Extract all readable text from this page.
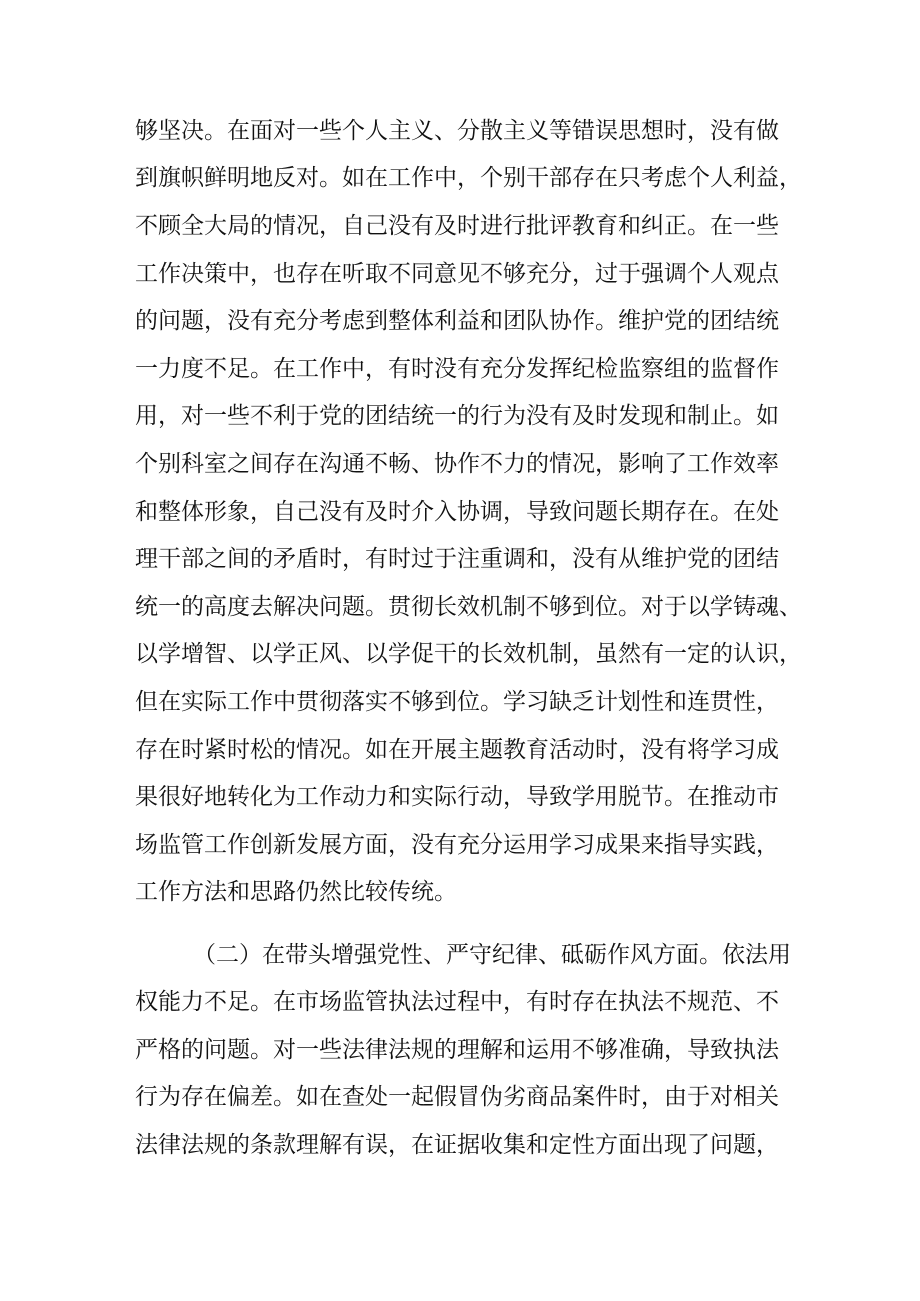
够坚决。在面对一些个人主义、分散主义等错误思想时，没有做
到旗帜鲜明地反对。如在工作中，个别干部存在只考虑个人利益，
不顾全大局的情况，自己没有及时进行批评教育和纠正。在一些
工作决策中，也存在听取不同意见不够充分，过于强调个人观点
的问题，没有充分考虑到整体利益和团队协作。维护党的团结统
一力度不足。在工作中，有时没有充分发挥纪检监察组的监督作
用，对一些不利于党的团结统一的行为没有及时发现和制止。如
个别科室之间存在沟通不畅、协作不力的情况，影响了工作效率
和整体形象，自己没有及时介入协调，导致问题长期存在。在处
理干部之间的矛盾时，有时过于注重调和，没有从维护党的团结
统一的高度去解决问题。贯彻长效机制不够到位。对于以学铸魂、
以学增智、以学正风、以学促干的长效机制，虽然有一定的认识，
但在实际工作中贯彻落实不够到位。学习缺乏计划性和连贯性，
存在时紧时松的情况。如在开展主题教育活动时，没有将学习成
果很好地转化为工作动力和实际行动，导致学用脱节。在推动市
场监管工作创新发展方面，没有充分运用学习成果来指导实践，
工作方法和思路仍然比较传统。
（二）在带头增强党性、严守纪律、砥砺作风方面。依法用
权能力不足。在市场监管执法过程中，有时存在执法不规范、不
严格的问题。对一些法律法规的理解和运用不够准确，导致执法
行为存在偏差。如在查处一起假冒伪劣商品案件时，由于对相关
法律法规的条款理解有误，在证据收集和定性方面出现了问题，
